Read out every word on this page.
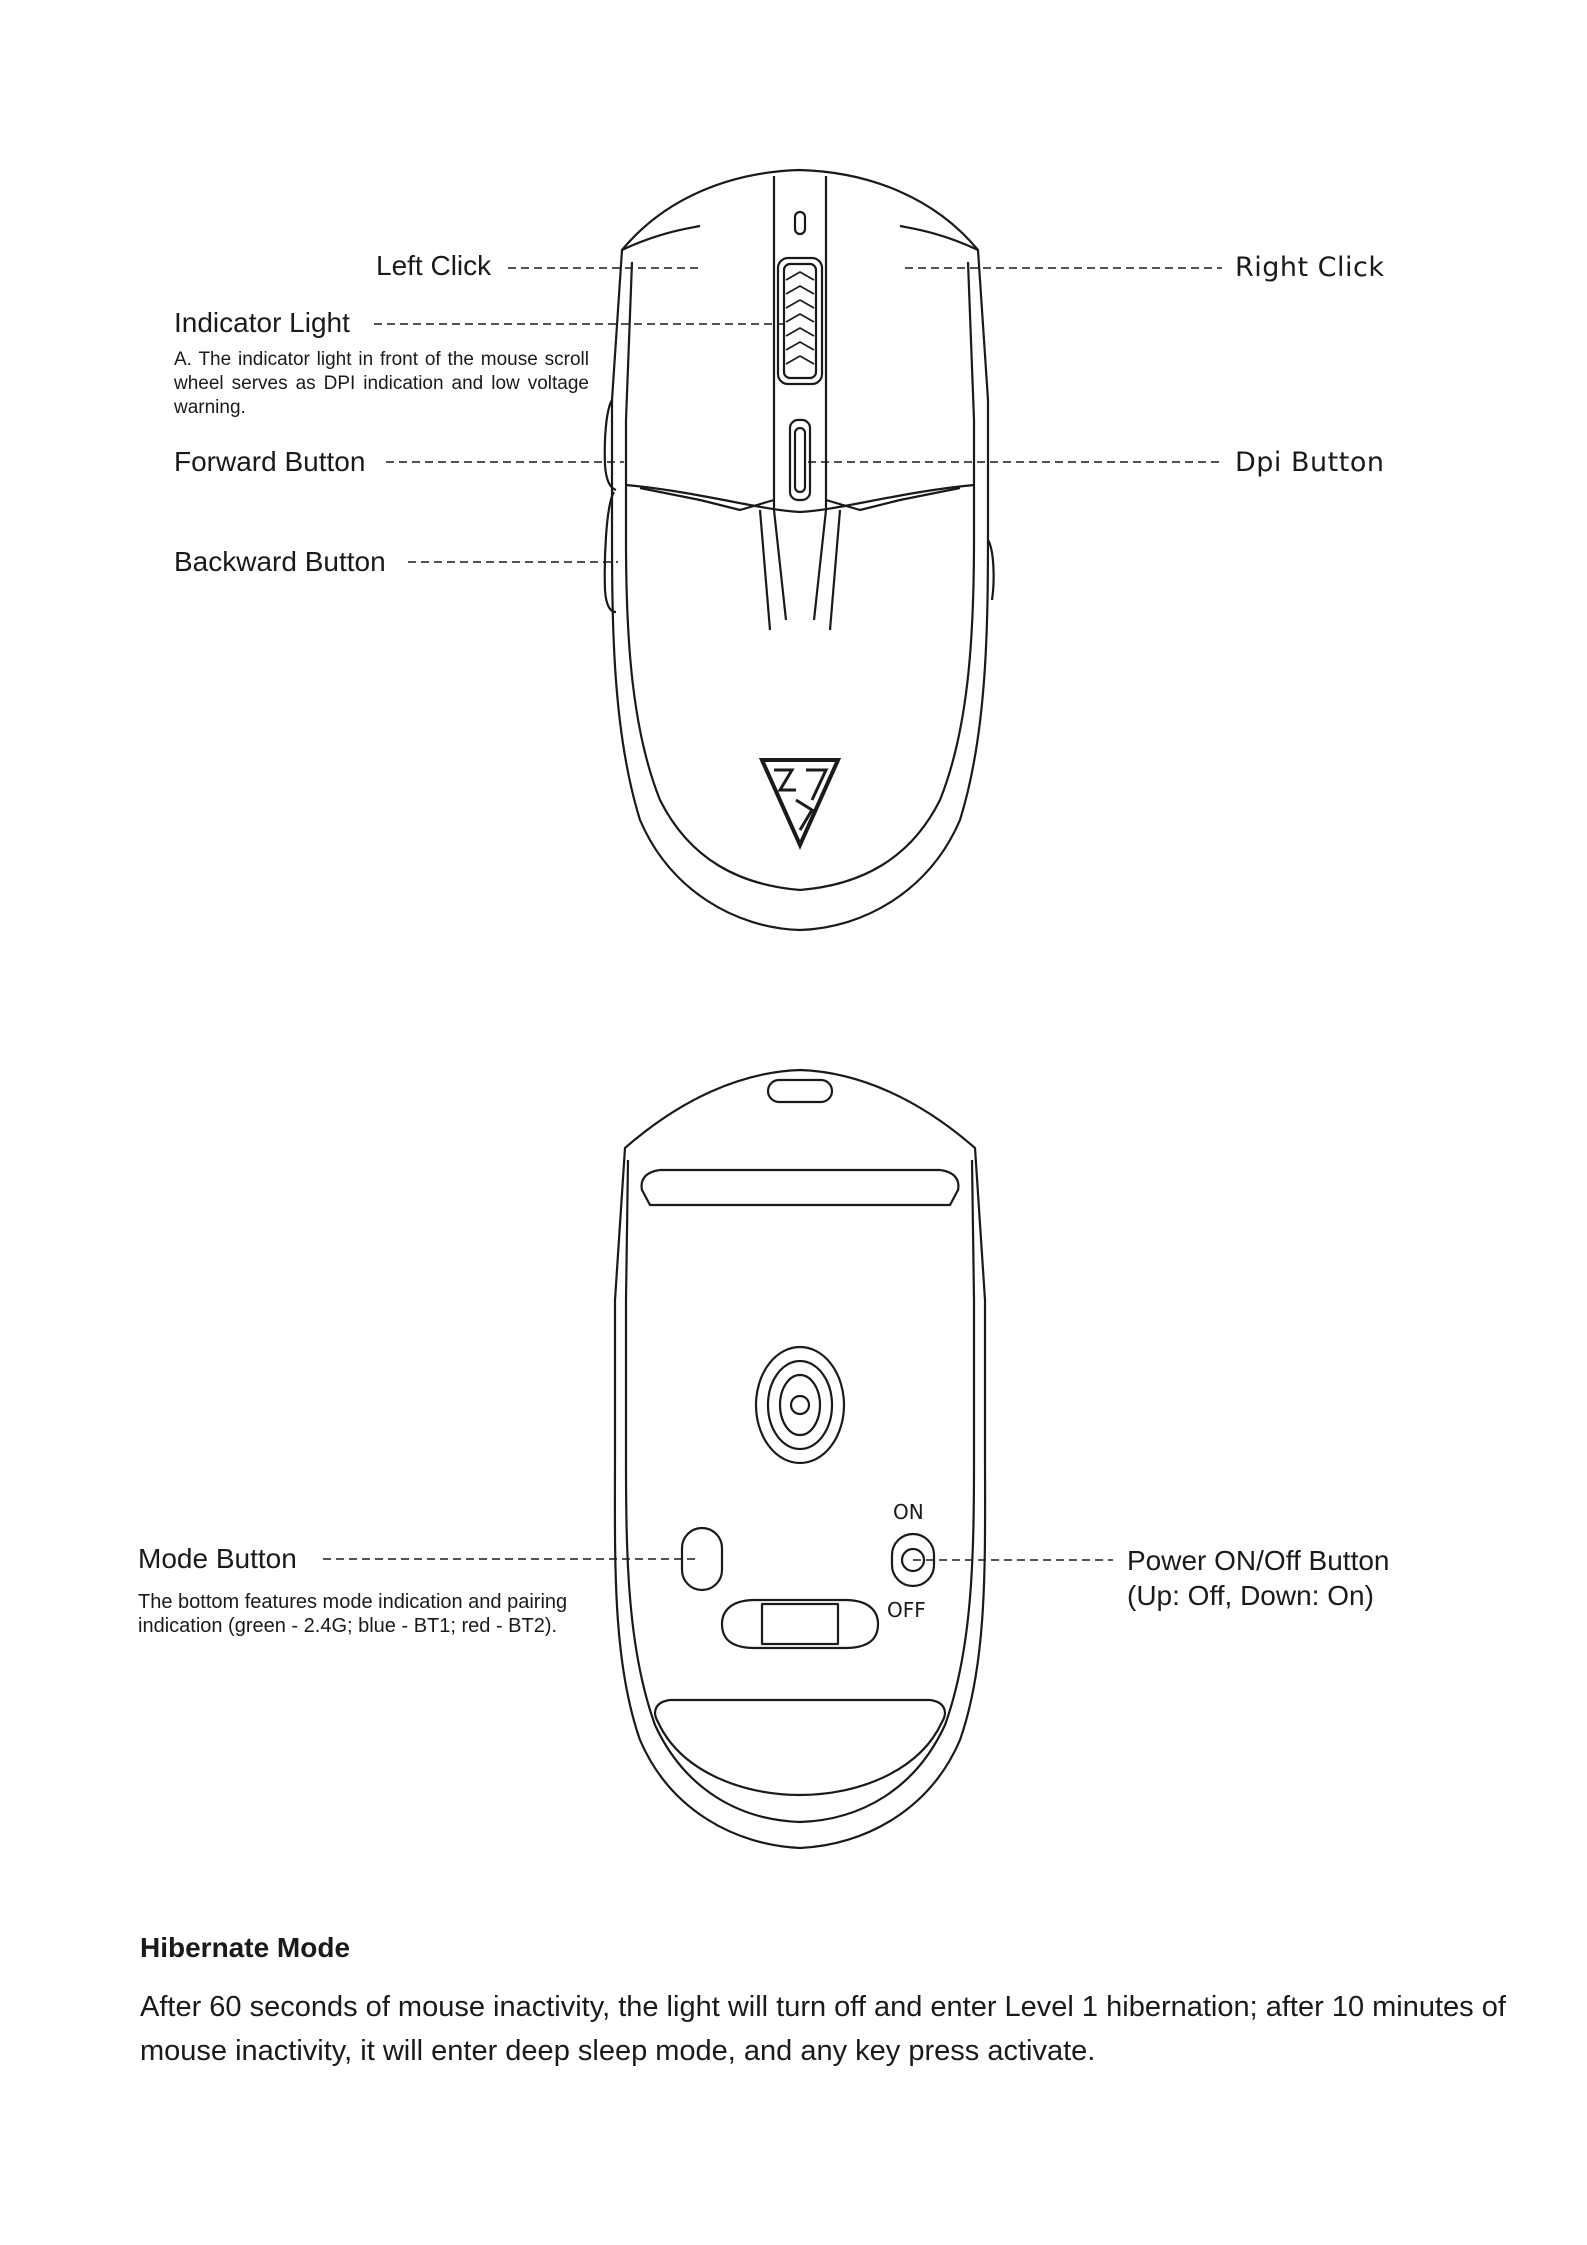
Left Click	Right Click
Indicator Light
A. The indicator light in front of the mouse scroll wheel serves as DPI indication and low voltage warning.
Forward Button	Dpi Button
Backward Button
ON
OFF
Mode Button
The bottom features mode indication and pairing indication (green - 2.4G; blue - BT1; red - BT2).
Power ON/Off Button
(Up: Off, Down: On)
Hibernate Mode
After 60 seconds of mouse inactivity, the light will turn off and enter Level 1 hibernation; after 10 minutes of mouse inactivity, it will enter deep sleep mode, and any key press activate.
